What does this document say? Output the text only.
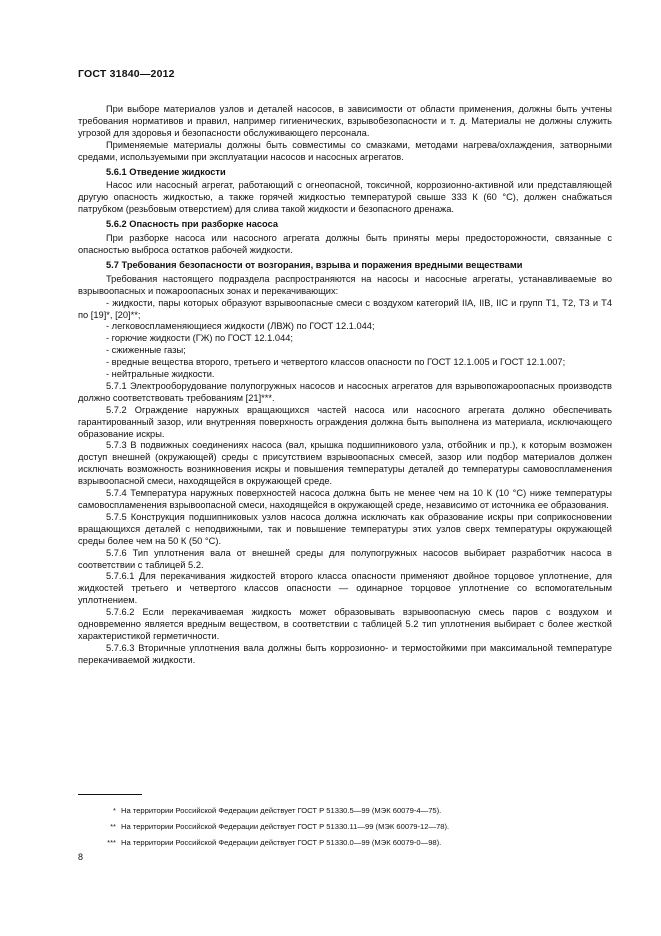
ГОСТ 31840—2012

При выборе материалов узлов и деталей насосов, в зависимости от области применения, должны быть учтены требования нормативов и правил, например гигиенических, взрывобезопасности и т. д. Материалы не должны служить угрозой для здоровья и безопасности обслуживающего персонала.

Применяемые материалы должны быть совместимы со смазками, методами нагрева/охлаждения, затворными средами, используемыми при эксплуатации насосов и насосных агрегатов.

5.6.1 Отведение жидкости

Насос или насосный агрегат, работающий с огнеопасной, токсичной, коррозионно-активной или представляющей другую опасность жидкостью, а также горячей жидкостью температурой свыше 333 К (60 °С), должен снабжаться патрубком (резьбовым отверстием) для слива такой жидкости и безопасного дренажа.

5.6.2 Опасность при разборке насоса

При разборке насоса или насосного агрегата должны быть приняты меры предосторожности, связанные с опасностью выброса остатков рабочей жидкости.

5.7 Требования безопасности от возгорания, взрыва и поражения вредными веществами

Требования настоящего подраздела распространяются на насосы и насосные агрегаты, устанавливаемые во взрывоопасных и пожароопасных зонах и перекачивающих:

- жидкости, пары которых образуют взрывоопасные смеси с воздухом категорий IIA, IIB, IIC и групп Т1, Т2, Т3 и Т4 по [19]*, [20]**;

- легковоспламеняющиеся жидкости (ЛВЖ) по ГОСТ 12.1.044;

- горючие жидкости (ГЖ) по ГОСТ 12.1.044;

- сжиженные газы;

- вредные вещества второго, третьего и четвертого классов опасности по ГОСТ 12.1.005 и ГОСТ 12.1.007;

- нейтральные жидкости.

5.7.1 Электрооборудование полупогружных насосов и насосных агрегатов для взрывопожароопасных производств должно соответствовать требованиям [21]***.

5.7.2 Ограждение наружных вращающихся частей насоса или насосного агрегата должно обеспечивать гарантированный зазор, или внутренняя поверхность ограждения должна быть выполнена из материала, исключающего образование искры.

5.7.3 В подвижных соединениях насоса (вал, крышка подшипникового узла, отбойник и пр.), к которым возможен доступ внешней (окружающей) среды с присутствием взрывоопасных смесей, зазор или подбор материалов должен исключать возможность возникновения искры и повышения температуры деталей до температуры самовоспламенения взрывоопасной смеси, находящейся в окружающей среде.

5.7.4 Температура наружных поверхностей насоса должна быть не менее чем на 10 К (10 °С) ниже температуры самовоспламенения взрывоопасной смеси, находящейся в окружающей среде, независимо от источника ее образования.

5.7.5 Конструкция подшипниковых узлов насоса должна исключать как образование искры при соприкосновении вращающихся деталей с неподвижными, так и повышение температуры этих узлов сверх температуры окружающей среды более чем на 50 К (50 °С).

5.7.6 Тип уплотнения вала от внешней среды для полупогружных насосов выбирает разработчик насоса в соответствии с таблицей 5.2.

5.7.6.1 Для перекачивания жидкостей второго класса опасности применяют двойное торцовое уплотнение, для жидкостей третьего и четвертого классов опасности — одинарное торцовое уплотнение со вспомогательным уплотнением.

5.7.6.2 Если перекачиваемая жидкость может образовывать взрывоопасную смесь паров с воздухом и одновременно является вредным веществом, в соответствии с таблицей 5.2 тип уплотнения выбирает с более жесткой характеристикой герметичности.

5.7.6.3 Вторичные уплотнения вала должны быть коррозионно- и термостойкими при максимальной температуре перекачиваемой жидкости.

* На территории Российской Федерации действует ГОСТ Р 51330.5—99 (МЭК 60079-4—75).
** На территории Российской Федерации действует ГОСТ Р 51330.11—99 (МЭК 60079-12—78).
*** На территории Российской Федерации действует ГОСТ Р 51330.0—99 (МЭК 60079-0—98).
8
